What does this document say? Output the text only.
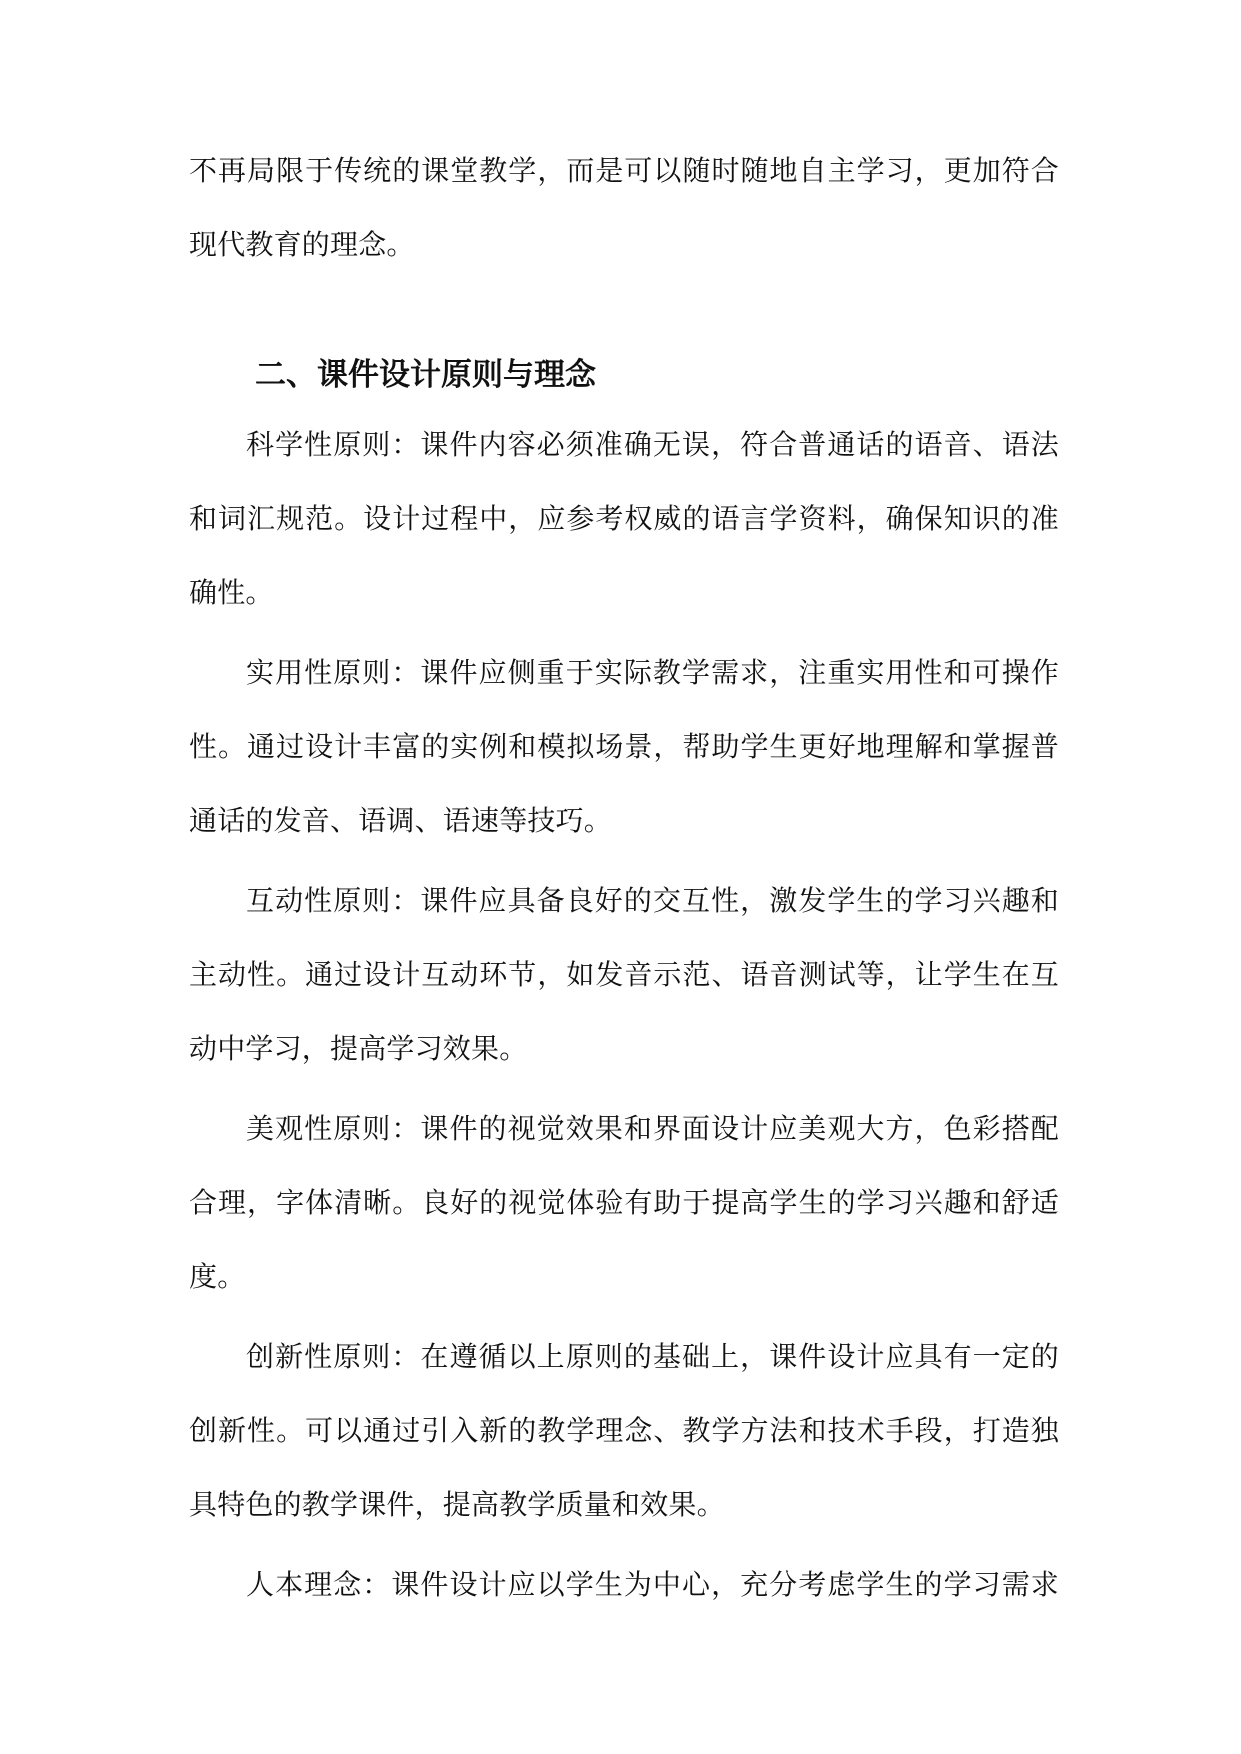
不再局限于传统的课堂教学，而是可以随时随地自主学习，更加符合
现代教育的理念。
二、课件设计原则与理念
科学性原则：课件内容必须准确无误，符合普通话的语音、语法
和词汇规范。设计过程中，应参考权威的语言学资料，确保知识的准
确性。
实用性原则：课件应侧重于实际教学需求，注重实用性和可操作
性。通过设计丰富的实例和模拟场景，帮助学生更好地理解和掌握普
通话的发音、语调、语速等技巧。
互动性原则：课件应具备良好的交互性，激发学生的学习兴趣和
主动性。通过设计互动环节，如发音示范、语音测试等，让学生在互
动中学习，提高学习效果。
美观性原则：课件的视觉效果和界面设计应美观大方，色彩搭配
合理，字体清晰。良好的视觉体验有助于提高学生的学习兴趣和舒适
度。
创新性原则：在遵循以上原则的基础上，课件设计应具有一定的
创新性。可以通过引入新的教学理念、教学方法和技术手段，打造独
具特色的教学课件，提高教学质量和效果。
人本理念：课件设计应以学生为中心，充分考虑学生的学习需求
